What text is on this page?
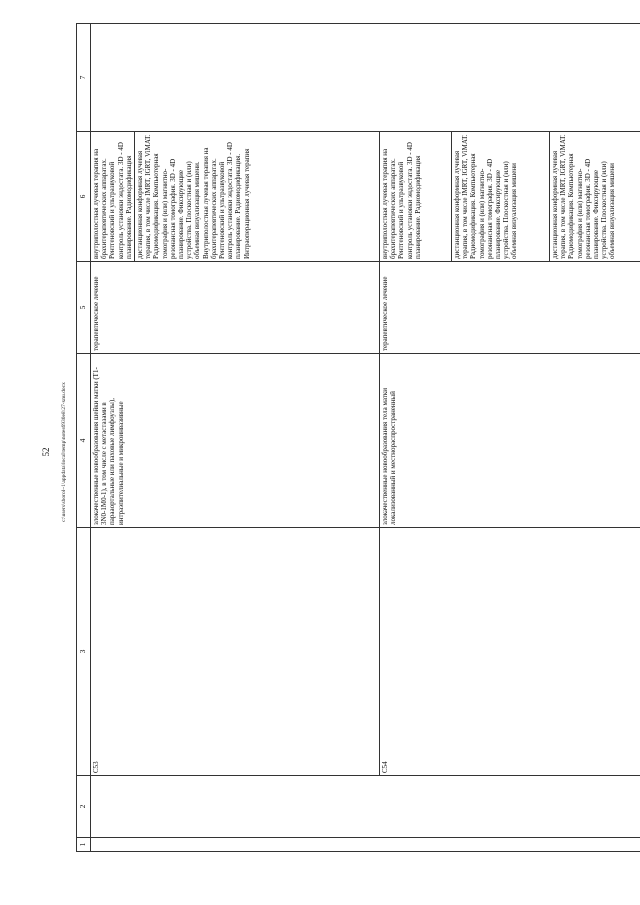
52 c:\users\sborol~1\appdata\local\temp\notes6930e8\27-xnu.docx
1	2	3	4	5	6	7
		C53	злокачественные новообразования шейки матки (T1-3N0-1M0-1), в том числе с метастазами в парааортальные или паховые лимфоузлы), интраэпителиальные и микроинвазивные	терапевтическое лечение	внутриполостная лучевая терапия на брахитерапевтических аппаратах. Рентгеновский и ультразвуковой контроль установки эндостата. 3D - 4D планирование. Радиомодификация	
					дистанционная конформная лучевая терапия, в том числе IMRT, IGRT, ViMAT. Радиомодификация. Компьютерная томография и (или) магнитно-резонансная томография. 3D - 4D планирование. Фиксирующие устройства. Плоскостная и (или) объемная визуализация мишени. Внутриполостная лучевая терапия на брахитерапевтических аппаратах. Рентгеновский и ультразвуковой контроль установки эндостата. 3D - 4D планирование. Радиомодификация. Интраоперационная лучевая терапия	
		C54	злокачественные новообразования тела матки локализованный и местнораспространенный	терапевтическое лечение	внутриполостная лучевая терапия на брахитерапевтических аппаратах. Рентгеновский и ультразвуковой контроль установки эндостата. 3D - 4D планирование. Радиомодификация	
					дистанционная конформная лучевая терапия, в том числе IMRT, IGRT, ViMAT. Радиомодификация. Компьютерная томография и (или) магнитно-резонансная томография. 3D - 4D планирование. Фиксирующие устройства. Плоскостная и (или) объемная визуализация мишени	
					дистанционная конформная лучевая терапия, в том числе IMRT, IGRT, ViMAT. Радиомодификация. Компьютерная томография и (или) магнитно-резонансная томография. 3D - 4D планирование. Фиксирующие устройства. Плоскостная и (или) объемная визуализация мишени	
